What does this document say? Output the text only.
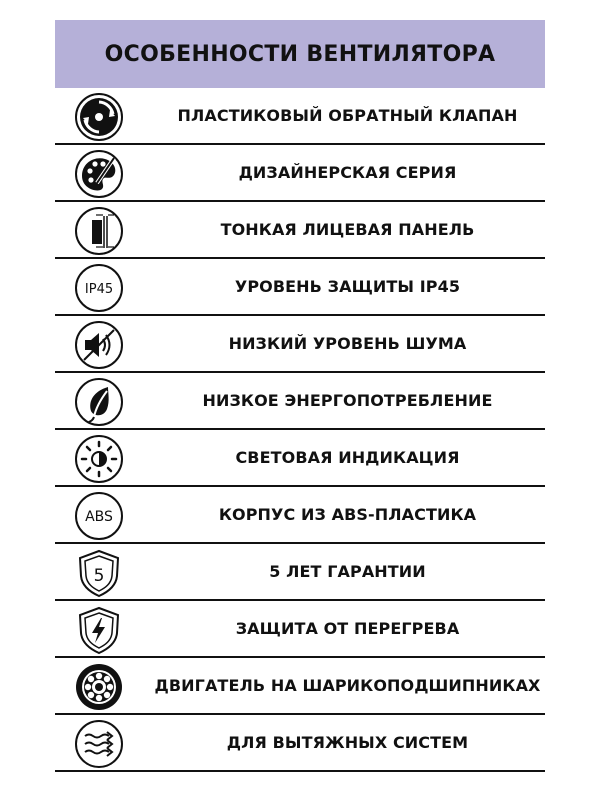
ОСОБЕННОСТИ ВЕНТИЛЯТОРА
ПЛАСТИКОВЫЙ ОБРАТНЫЙ КЛАПАН
ДИЗАЙНЕРСКАЯ СЕРИЯ
ТОНКАЯ ЛИЦЕВАЯ ПАНЕЛЬ
IP45	УРОВЕНЬ ЗАЩИТЫ IP45
НИЗКИЙ УРОВЕНЬ ШУМА
НИЗКОЕ ЭНЕРГОПОТРЕБЛЕНИЕ
СВЕТОВАЯ ИНДИКАЦИЯ
ABS	КОРПУС ИЗ ABS-ПЛАСТИКА
5	5 ЛЕТ ГАРАНТИИ
ЗАЩИТА ОТ ПЕРЕГРЕВА
ДВИГАТЕЛЬ НА ШАРИКОПОДШИПНИКАХ
ДЛЯ ВЫТЯЖНЫХ СИСТЕМ
